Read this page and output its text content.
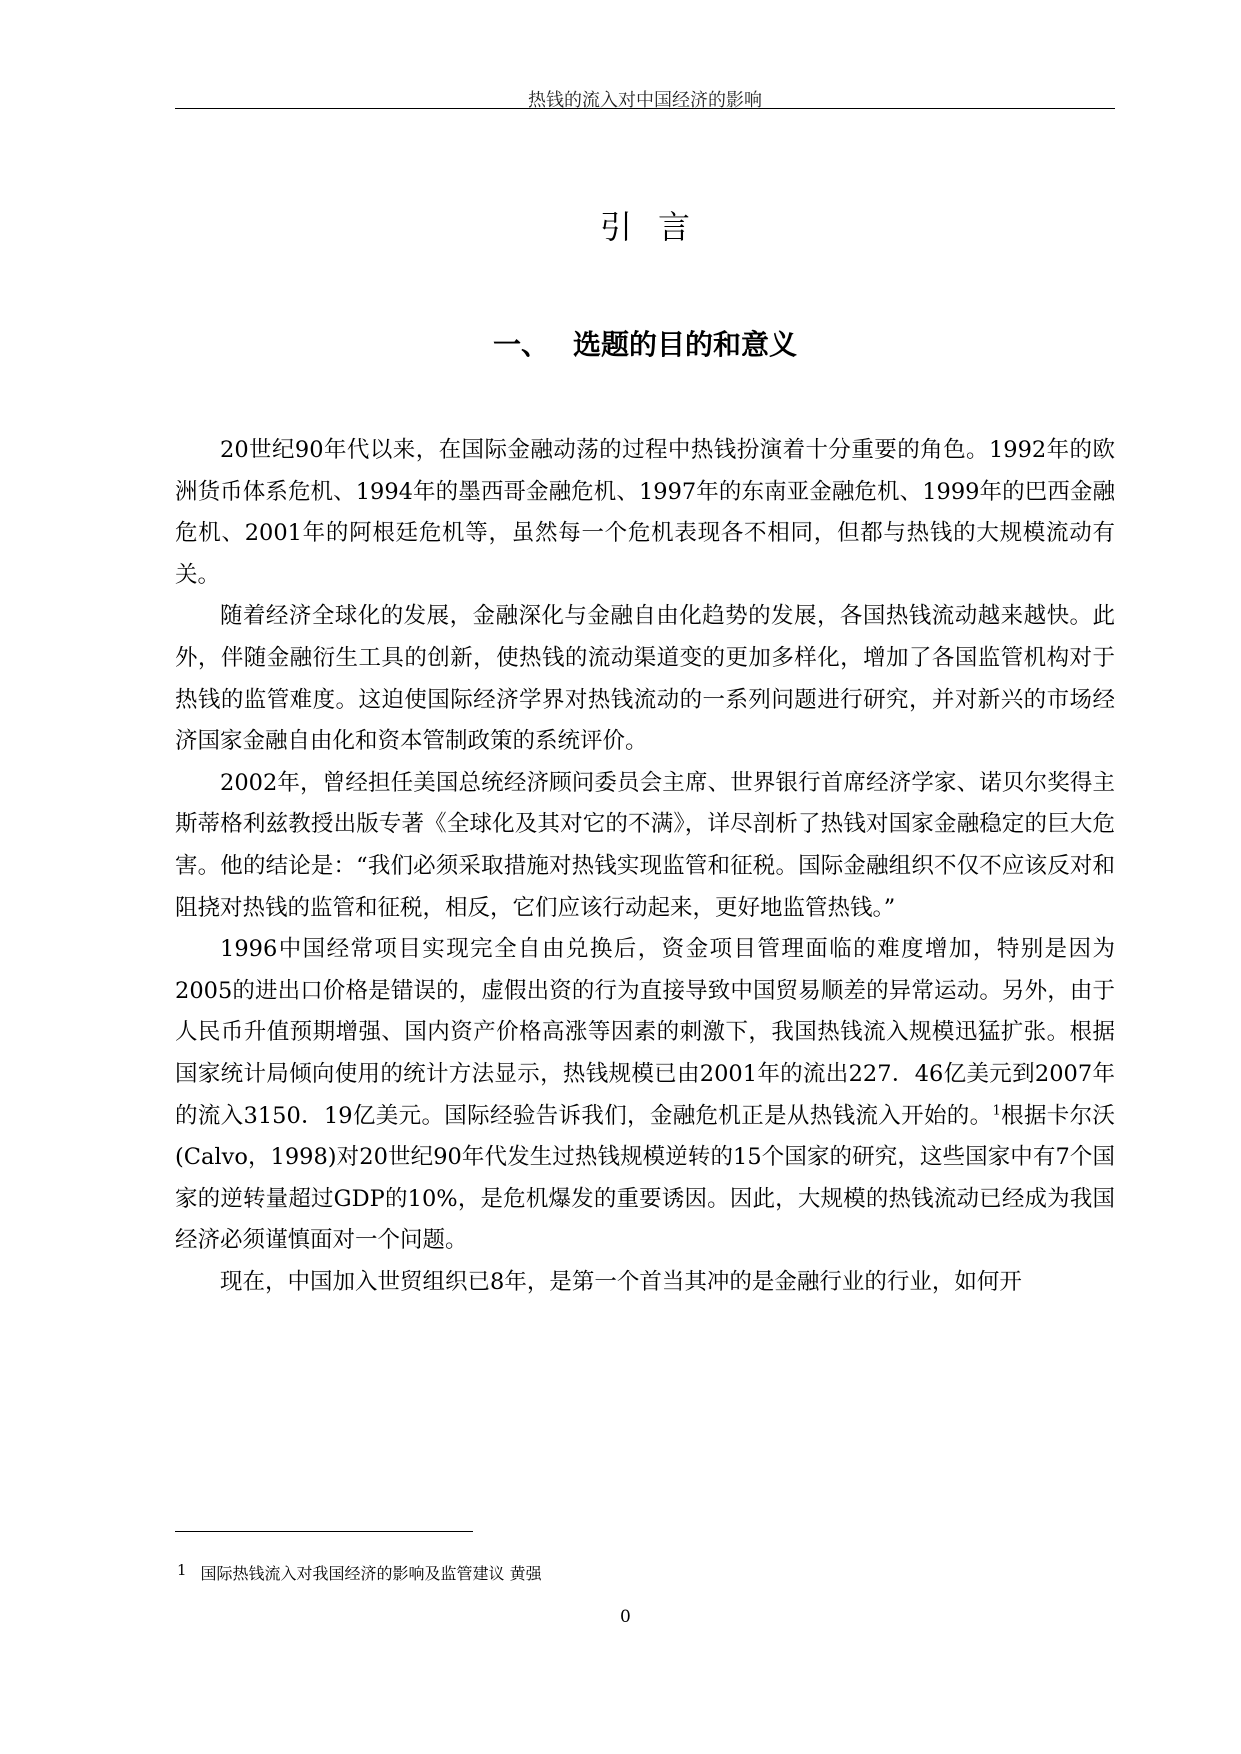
热钱的流入对中国经济的影响
引言
一、 选题的目的和意义

20世纪90年代以来，在国际金融动荡的过程中热钱扮演着十分重要的角色。1992年的欧洲货币体系危机、1994年的墨西哥金融危机、1997年的东南亚金融危机、1999年的巴西金融危机、2001年的阿根廷危机等，虽然每一个危机表现各不相同，但都与热钱的大规模流动有关。

随着经济全球化的发展，金融深化与金融自由化趋势的发展，各国热钱流动越来越快。此外，伴随金融衍生工具的创新，使热钱的流动渠道变的更加多样化，增加了各国监管机构对于热钱的监管难度。这迫使国际经济学界对热钱流动的一系列问题进行研究，并对新兴的市场经济国家金融自由化和资本管制政策的系统评价。

2002年，曾经担任美国总统经济顾问委员会主席、世界银行首席经济学家、诺贝尔奖得主斯蒂格利兹教授出版专著《全球化及其对它的不满》，详尽剖析了热钱对国家金融稳定的巨大危害。他的结论是：“我们必须采取措施对热钱实现监管和征税。国际金融组织不仅不应该反对和阻挠对热钱的监管和征税，相反，它们应该行动起来，更好地监管热钱。”

1996中国经常项目实现完全自由兑换后，资金项目管理面临的难度增加，特别是因为2005的进出口价格是错误的，虚假出资的行为直接导致中国贸易顺差的异常运动。另外，由于人民币升值预期增强、国内资产价格高涨等因素的刺激下，我国热钱流入规模迅猛扩张。根据国家统计局倾向使用的统计方法显示，热钱规模已由2001年的流出227．46亿美元到2007年的流入3150．19亿美元。国际经验告诉我们，金融危机正是从热钱流入开始的。$^1$根据卡尔沃(Calvo，1998)对20世纪90年代发生过热钱规模逆转的15个国家的研究，这些国家中有7个国家的逆转量超过GDP的10%，是危机爆发的重要诱因。因此，大规模的热钱流动已经成为我国经济必须谨慎面对一个问题。

现在，中国加入世贸组织已8年，是第一个首当其冲的是金融行业的行业，如何开

1 国际热钱流入对我国经济的影响及监管建议 黄强
0
